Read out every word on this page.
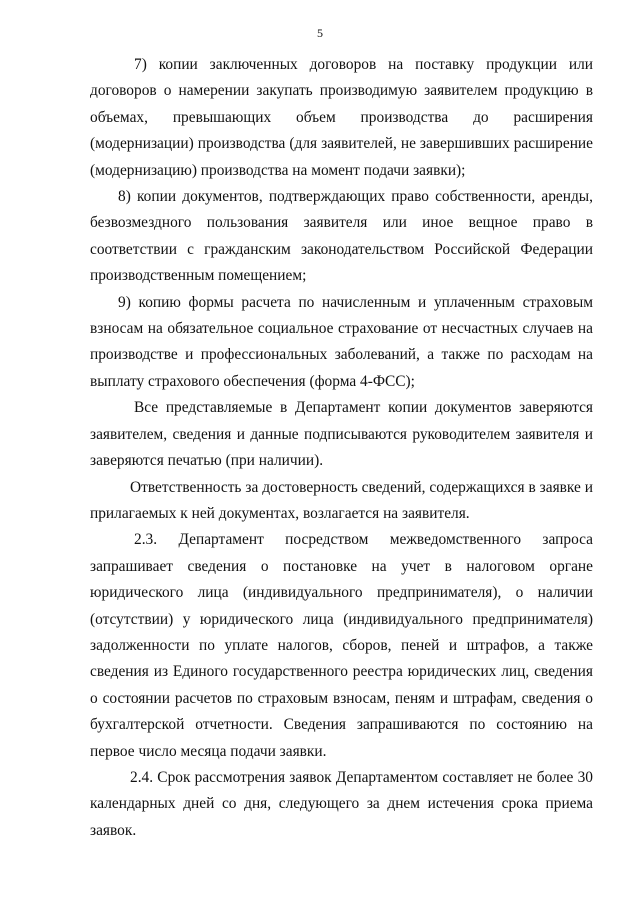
5

7) копии заключенных договоров на поставку продукции или договоров о намерении закупать производимую заявителем продукцию в объемах, превышающих объем производства до расширения (модернизации) производства (для заявителей, не завершивших расширение (модернизацию) производства на момент подачи заявки);

8) копии документов, подтверждающих право собственности, аренды, безвозмездного пользования заявителя или иное вещное право в соответствии с гражданским законодательством Российской Федерации производственным помещением;

9) копию формы расчета по начисленным и уплаченным страховым взносам на обязательное социальное страхование от несчастных случаев на производстве и профессиональных заболеваний, а также по расходам на выплату страхового обеспечения (форма 4-ФСС);

Все представляемые в Департамент копии документов заверяются заявителем, сведения и данные подписываются руководителем заявителя и заверяются печатью (при наличии).

Ответственность за достоверность сведений, содержащихся в заявке и прилагаемых к ней документах, возлагается на заявителя.

2.3. Департамент посредством межведомственного запроса запрашивает сведения о постановке на учет в налоговом органе юридического лица (индивидуального предпринимателя), о наличии (отсутствии) у юридического лица (индивидуального предпринимателя) задолженности по уплате налогов, сборов, пеней и штрафов, а также сведения из Единого государственного реестра юридических лиц, сведения о состоянии расчетов по страховым взносам, пеням и штрафам, сведения о бухгалтерской отчетности. Сведения запрашиваются по состоянию на первое число месяца подачи заявки.

2.4. Срок рассмотрения заявок Департаментом составляет не более 30 календарных дней со дня, следующего за днем истечения срока приема заявок.
